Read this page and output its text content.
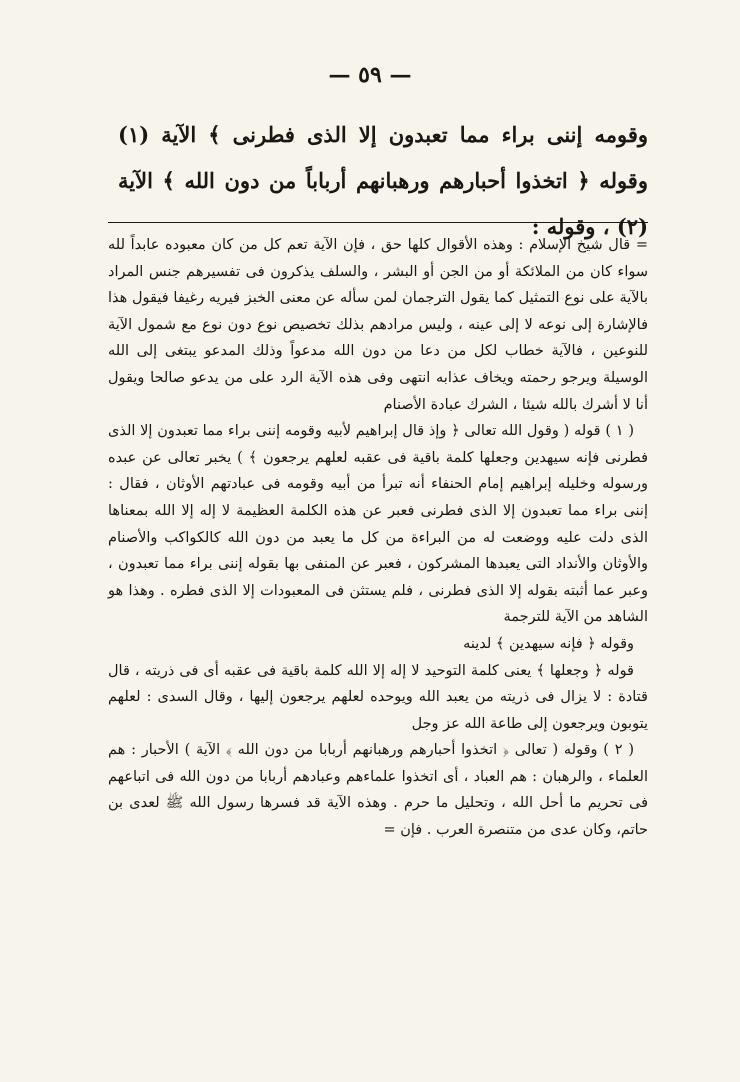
— ٥٩ —
وقومه إننى براء مما تعبدون إلا الذى فطرنى ﴾ الآية (١) وقوله ﴿ اتخذوا أحبارهم ورهبانهم أرباباً من دون الله ﴾ الآية (٢) ، وقوله :

= قال شيخ الإسلام : وهذه الأقوال كلها حق ، فإن الآية تعم كل من كان معبوده عابداً لله سواء كان من الملائكة أو من الجن أو البشر ، والسلف يذكرون فى تفسيرهم جنس المراد بالآية على نوع التمثيل كما يقول الترجمان لمن سأله عن معنى الخبز فيريه رغيفا فيقول هذا فالإشارة إلى نوعه لا إلى عينه ، وليس مرادهم بذلك تخصيص نوع دون نوع مع شمول الآية للنوعين ، فالآية خطاب لكل من دعا من دون الله مدعواً وذلك المدعو يبتغى إلى الله الوسيلة ويرجو رحمته ويخاف عذابه انتهى وفى هذه الآية الرد على من يدعو صالحا ويقول أنا لا أشرك بالله شيئا ، الشرك عبادة الأصنام

( ١ ) قوله ( وقول الله تعالى ﴿ وإذ قال إبراهيم لأبيه وقومه إننى براء مما تعبدون إلا الذى فطرنى فإنه سيهدين وجعلها كلمة باقية فى عقبه لعلهم يرجعون ﴾ ) يخبر تعالى عن عبده ورسوله وخليله إبراهيم إمام الحنفاء أنه تبرأ من أبيه وقومه فى عبادتهم الأوثان ، فقال : إننى براء مما تعبدون إلا الذى فطرنى فعبر عن هذه الكلمة العظيمة لا إله إلا الله بمعناها الذى دلت عليه ووضعت له من البراءة من كل ما يعبد من دون الله كالكواكب والأصنام والأوثان والأنداد التى يعبدها المشركون ، فعبر عن المنفى بها بقوله إننى براء مما تعبدون ، وعبر عما أثبته بقوله إلا الذى فطرنى ، فلم يستثن فى المعبودات إلا الذى فطره . وهذا هو الشاهد من الآية للترجمة

وقوله ﴿ فإنه سيهدين ﴾ لدينه

قوله ﴿ وجعلها ﴾ يعنى كلمة التوحيد لا إله إلا الله كلمة باقية فى عقبه أى فى ذريته ، قال قتادة : لا يزال فى ذريته من يعبد الله ويوحده لعلهم يرجعون إليها ، وقال السدى : لعلهم يتوبون ويرجعون إلى طاعة الله عز وجل

( ٢ ) وقوله ( تعالى ﴿ اتخذوا أحبارهم ورهبانهم أربابا من دون الله ﴾ الآية ) الأحبار : هم العلماء ، والرهبان : هم العباد ، أى اتخذوا علماءهم وعبادهم أربابا من دون الله فى اتباعهم فى تحريم ما أحل الله ، وتحليل ما حرم . وهذه الآية قد فسرها رسول الله ﷺ لعدى بن حاتم، وكان عدى من متنصرة العرب . فإن =
